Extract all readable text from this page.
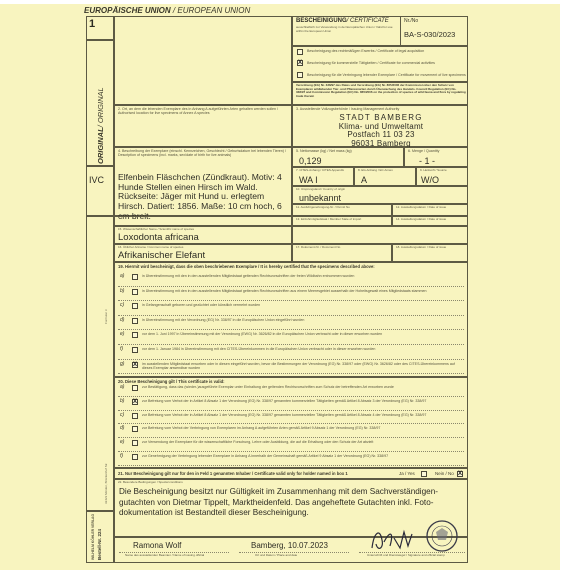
EUROPÄISCHE UNION / EUROPEAN UNION
1
ORIGINAL/ ORIGINAL
BESCHEINIGUNG/ CERTIFICATE
ausschließlich zur Verwendung in der Europäischen Union / Valid for use within the European Union
Nr./No
BA-S-030/2023
Bescheinigung des rechtmäßigen Erwerbs / Certificate of legal acquisition
X Bescheinigung für kommerzielle Tätigkeiten / Certificate for commercial activities
Bescheinigung für die Verbringung lebender Exemplare / Certificate for movement of live specimens
Verordnung (EG) Nr. 338/97 des Rates und Verordnung (EG) Nr. 865/2006 der Kommission über den Schutz von Exemplaren wildlebender Tier- und Pflanzenarten durch Überwachung des Handels. Council Regulation (EC) No. 338/97 and Commission Regulation (EC) No. 865/2006 on the protection of species of wild fauna and flora by regulating trade therein
2. Ort, an dem die lebenden Exemplare des in Anhang A aufgeführten Arten gehalten werden sollen / Authorised location for live specimens of Annex A species
3. Ausstellende Vollzugsbehörde / Issuing Management Authority
STADT BAMBERG
Klima- und Umweltamt
Postfach 11 03 23
96031 Bamberg
4. Beschreibung der Exemplare (einschl. Kennzeichen, Geschlecht / Geburtsdatum bei lebenden Tieren) / Description of specimens (incl. marks, sex/date of birth for live animals)
Elfenbein Fläschchen (Zündkraut). Motiv: 4 Hunde Stellen einen Hirsch im Wald. Rückseite: Jäger mit Hund u. erlegtem Hirsch. Datiert: 1856. Maße: 10 cm hoch, 6 cm breit.
IVC
5. Nettomasse (kg) / Net mass (kg)
0,129
6. Menge / Quantity
- 1 -
7. CITES-Anhang / CITES Appendix
WA I
8. EG-Anhang / EC Annex
A
9. Herkunft / Source
W/O
10. Ursprungsland / Country of origin
unbekannt
11. Ausfuhrgenehmigung-Nr. / Permit No	12. Ausstellungsdatum / Date of issue
13. Einfuhrmitgliedstaat / Member State of import	14. Ausstellungsdatum / Date of issue
15. Wissenschaftlicher Name / Scientific name of species
Loxodonta africana
16. Üblicher Artname / Common name of species
Afrikanischer Elefant
17. Dokument-Nr. / Document No	18. Ausstellungsdatum / Date of issue
19. Hiermit wird bescheinigt, dass die oben beschriebenen Exemplare / It is hereby certified that the specimens described above:
20. Diese Bescheinigung gilt / This certificate is valid:
21. Nur Bescheinigung gilt nur für den in Feld 1 genannten Inhaber / Certificate valid only for holder named in box 1	Ja / Yes	Nein / No X
22. Besondere Bedingungen / Special conditions
Die Bescheinigung besitzt nur Gültigkeit im Zusammenhang mit dem Sachverständigen-gutachten von Dietmar Tippelt, Marktheidenfeld. Das angeheftete Gutachten inkl. Foto-dokumentation ist Bestandteil dieser Bescheinigung.
Ramona Wolf
Name des ausstellenden Beamten / Name of issuing official
Bamberg, 10.07.2023
Ort und Datum / Place and date	Unterschrift und Dienstsiegel / Signature and official stamp
WILHELM KÖHLER VERLAG Bestell-Nr. 224
32423 Minden, Brückenhof Str.
Formular 3
a)	in Übereinstimmung mit den in den ausstellenden Mitgliedstaat geltenden Rechtsvorschriften der freien Wildbahn entnommen wurden
b)	in Übereinstimmung mit den in den ausstellenden Mitgliedstaat geltenden Rechtsvorschriften aus einem Meeresgebiet ausserhalb der Hoheitsgewalt eines Mitgliedstaats stammen
c)	in Gefangenschaft geboren und gezüchtet oder künstlich vermehrt wurden
d)	in Übereinstimmung mit der Verordnung (EG) Nr. 338/97 in die Europäischen Union eingeführt wurden
e)	vor dem 1. Juni 1997 in Übereinstimmung mit der Verordnung (EWG) Nr. 3626/82 in die Europäischen Union verbracht oder in dieser erworben wurden
f)	vor dem 1. Januar 1984 in Übereinstimmung mit den CITES-Übereinkommen in die Europäischen Union verbracht oder in dieser erworben wurden
g) X im ausstellenden Mitgliedstaat erworben oder in diesen eingeführt wurden, bevor die Bestimmungen der Verordnung (EG) Nr. 338/97 oder (EWG) Nr. 3626/82 oder des CITES-Übereinkommens auf dieses Exemplar anwendbar wurden
a)	zur Bestätigung, dass das (wieder-)ausgeführte Exemplar unter Einhaltung der geltenden Rechtsvorschriften zum Schutz der betreffenden Art erworben wurde
b) X zur Befreiung vom Verbot der in Artikel 8 Absatz 1 der Verordnung (EG) Nr. 338/97 genannten kommerziellen Tätigkeiten gemäß Artikel 8 Absatz 3 der Verordnung (EG) Nr. 338/97
c)	zur Befreiung vom Verbot der in Artikel 8 Absatz 1 der Verordnung (EG) Nr. 338/97 genannten kommerziellen Tätigkeiten gemäß Artikel 8 Absatz 4 der Verordnung (EG) Nr. 338/97
d)	zur Befreiung vom Verbot der Verbringung von Exemplaren im Anhang A aufgeführten Arten gemäß Artikel 9 Absatz 1 der Verordnung (EG) Nr. 338/97
e)	zur Verwendung der Exemplare für die wissenschaftliche Forschung, Lehre oder Ausbildung, die auf die Erhaltung oder den Schutz der Art abzielt
f)	zur Genehmigung der Verbringung lebender Exemplare in Anhang A innerhalb der Gemeinschaft gemäß Artikel 9 Absatz 1 der Verordnung (EG) Nr. 338/97
